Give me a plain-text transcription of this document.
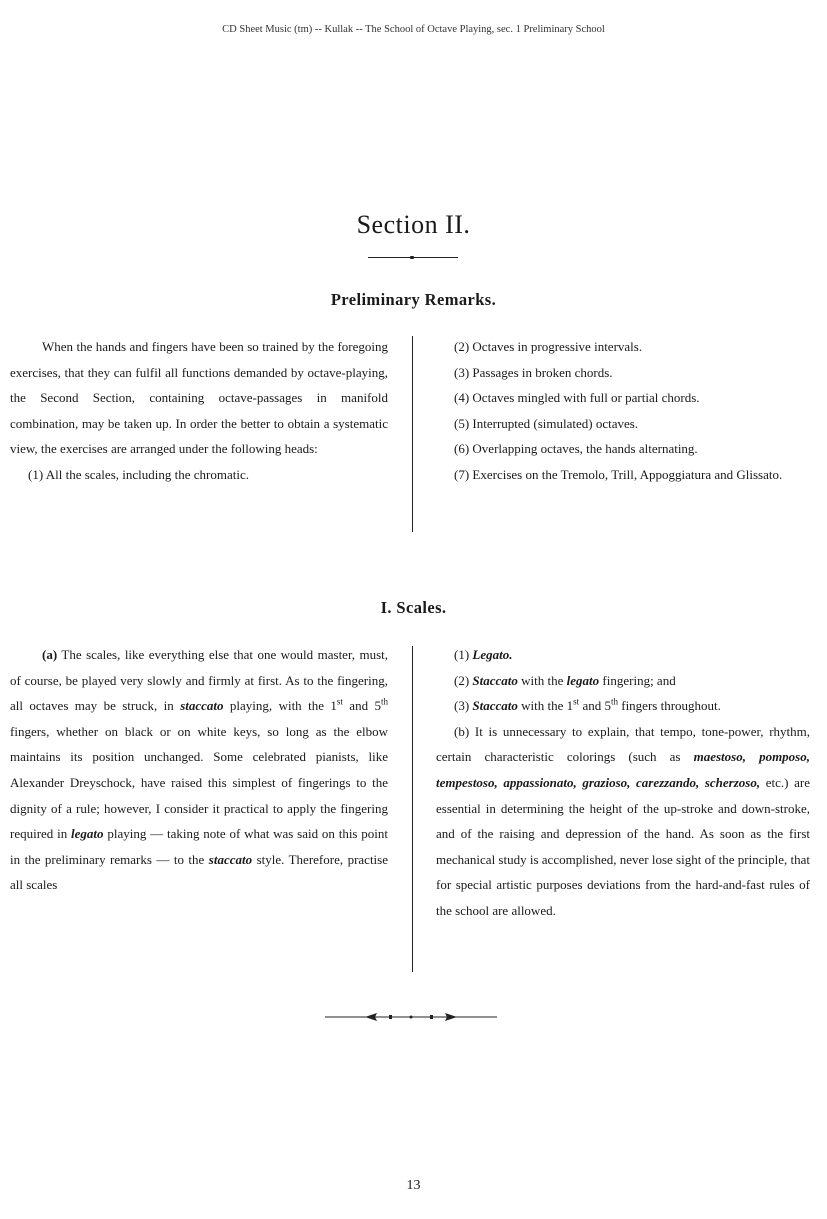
CD Sheet Music (tm) -- Kullak -- The School of Octave Playing, sec. 1 Preliminary School
Section II.
Preliminary Remarks.

When the hands and fingers have been so trained by the foregoing exercises, that they can fulfil all functions demanded by octave-playing, the Second Section, containing octave-passages in manifold combination, may be taken up. In order the better to obtain a systematic view, the exercises are arranged under the following heads:

(1) All the scales, including the chromatic.

(2) Octaves in progressive intervals.

(3) Passages in broken chords.

(4) Octaves mingled with full or partial chords.

(5) Interrupted (simulated) octaves.

(6) Overlapping octaves, the hands alternating.

(7) Exercises on the Tremolo, Trill, Appoggiatura and Glissato.

I. Scales.

(a) The scales, like everything else that one would master, must, of course, be played very slowly and firmly at first. As to the fingering, all octaves may be struck, in staccato playing, with the 1st and 5th fingers, whether on black or on white keys, so long as the elbow maintains its position unchanged. Some celebrated pianists, like Alexander Dreyschock, have raised this simplest of fingerings to the dignity of a rule; however, I consider it practical to apply the fingering required in legato playing — taking note of what was said on this point in the preliminary remarks — to the staccato style. Therefore, practise all scales

(1) Legato.

(2) Staccato with the legato fingering; and

(3) Staccato with the 1st and 5th fingers throughout.

(b) It is unnecessary to explain, that tempo, tone-power, rhythm, certain characteristic colorings (such as maestoso, pomposo, tempestoso, appassionato, grazioso, carezzando, scherzoso, etc.) are essential in determining the height of the up-stroke and down-stroke, and of the raising and depression of the hand. As soon as the first mechanical study is accomplished, never lose sight of the principle, that for special artistic purposes deviations from the hard-and-fast rules of the school are allowed.

13
